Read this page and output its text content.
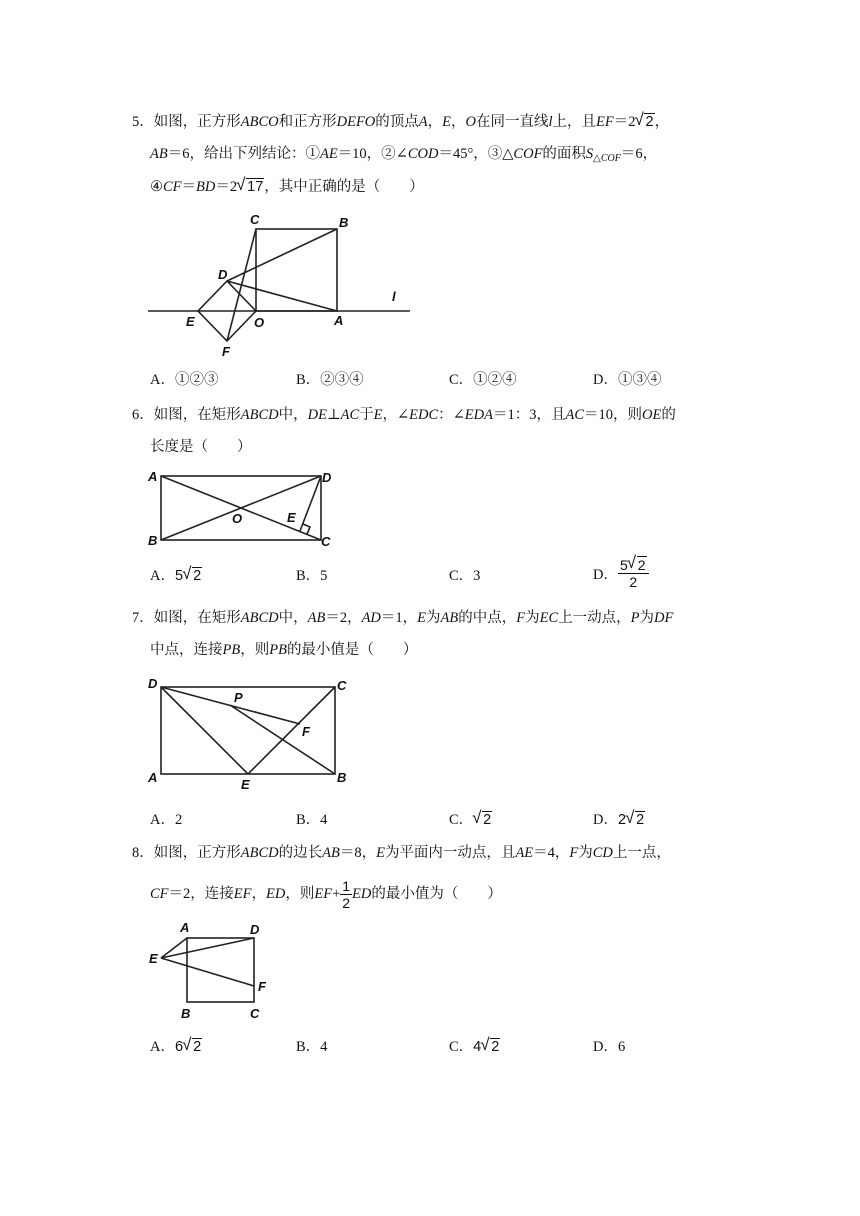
5．如图，正方形ABCO和正方形DEFO的顶点A，E，O在同一直线l上，且EF＝2 √ 2，
AB＝6，给出下列结论：①AE＝10，②∠COD＝45°，③△COF的面积$S_{\triangle COF}=6$，
④CF＝BD＝2 √ 17，其中正确的是（　　）
C	B
D
l
E	O	A
F
A．①②③	B．②③④	C．①②④	D．①③④
6．如图，在矩形ABCD中，DE⊥AC于E，∠EDC：∠EDA＝1：3，且AC＝10，则OE的
长度是（　　）
A	D
O	E
B	C
A．5 √ 2	B．5	C．3	D． $\frac{5 √ 2}{2}$
7．如图，在矩形ABCD中，AB＝2，AD＝1，E为AB的中点，F为EC上一动点，P为DF
中点，连接PB，则PB的最小值是（　　）
D	C
P
F
A	E	B
A．2	B．4	C． √ 2	D．2 √ 2
8．如图，正方形ABCD的边长AB＝8，E为平面内一动点，且AE＝4，F为CD上一点，
CF＝2，连接EF，ED，则$EF+ \frac{1}{2}$ ED的最小值为（　　）
A	D
E
F
B	C
A．6 √ 2	B．4	C．4 √ 2	D．6
